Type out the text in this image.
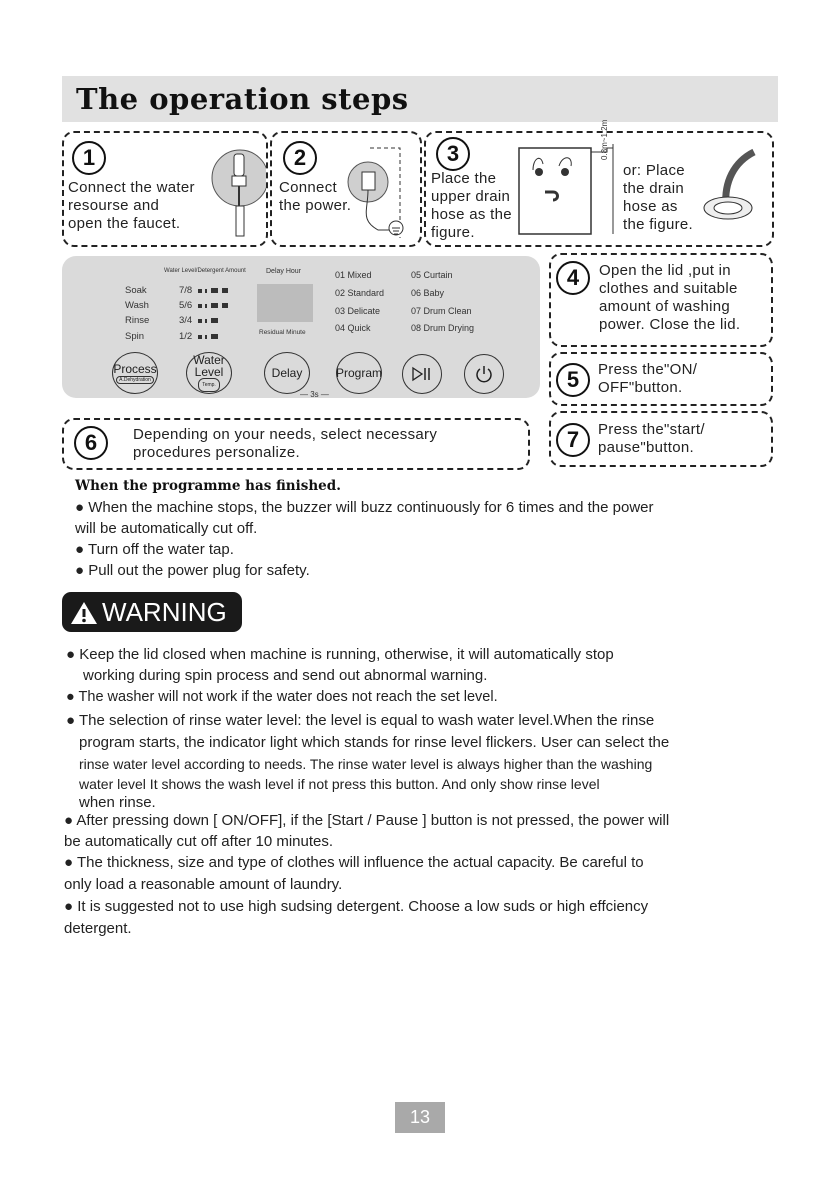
The operation steps
1
Connect the water
resourse and
open the faucet.
2
Connect
the power.
3
Place the
upper drain
hose as the
figure.
0.8m~1.2m
or: Place
the drain
hose as
the figure.
Water Level/Detergent Amount	Delay Hour
Soak	7/8
Wash	5/6
Rinse	3/4
Spin	1/2	Residual Minute
01 Mixed
02 Standard
03 Delicate
04 Quick
05 Curtain
06 Baby
07 Drum Clean
08 Drum Drying
Process
A.Dehydration
Water
Level
Temp.
Delay	Program
— 3s —
4	Open the lid ,put in
clothes and suitable
amount of washing
power. Close the lid.
5	Press the"ON/
OFF"button.
6	Depending on your needs, select necessary
procedures personalize.
7	Press the"start/
pause"button.
When the programme has finished.
● When the machine stops, the buzzer will buzz continuously for 6 times and the power
will be automatically cut off.
● Turn off the water tap.
● Pull out the power plug for safety.
WARNING
● Keep the lid closed when machine is running, otherwise, it will automatically stop
working during spin process and send out abnormal warning.
● The washer will not work if the water does not reach the set level.
● The selection of rinse water level: the level is equal to wash water level.When the rinse
program starts, the indicator light which stands for rinse level flickers. User can select the
rinse water level according to needs. The rinse water level is always higher than the washing
water level It shows the wash level if not press this button. And only show rinse level
when rinse.
● After pressing down [ ON/OFF], if the [Start / Pause ] button is not pressed, the power will
be automatically cut off after 10 minutes.
● The thickness, size and type of clothes will influence the actual capacity. Be careful to
only load a reasonable amount of laundry.
● It is suggested not to use high sudsing detergent. Choose a low suds or high effciency
detergent.
13
